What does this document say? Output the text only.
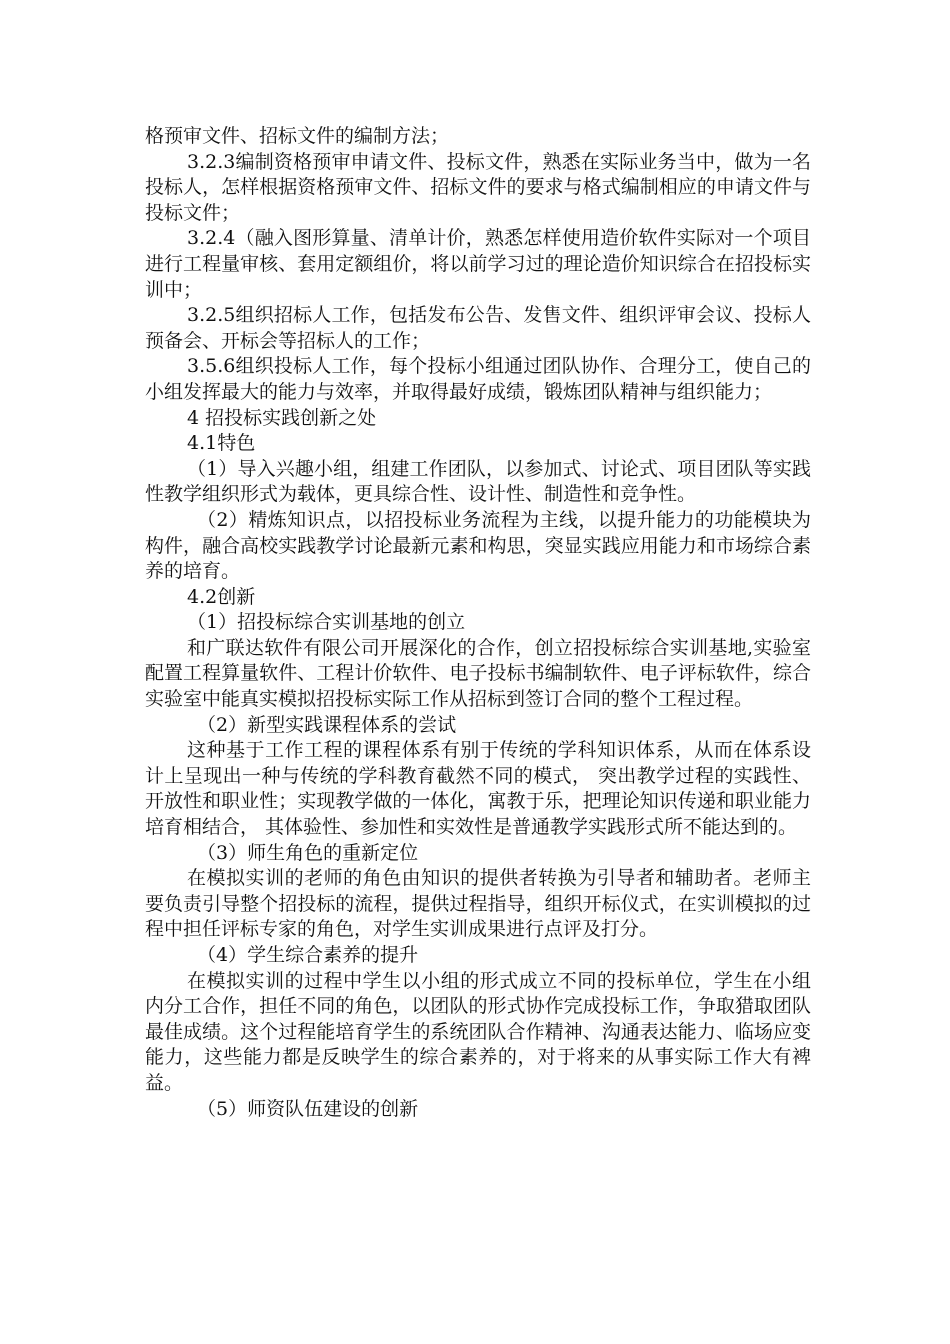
格预审文件、招标文件的编制方法；

3.2.3编制资格预审申请文件、投标文件，熟悉在实际业务当中，做为一名投标人，怎样根据资格预审文件、招标文件的要求与格式编制相应的申请文件与投标文件；

3.2.4（融入图形算量、清单计价，熟悉怎样使用造价软件实际对一个项目进行工程量审核、套用定额组价，将以前学习过的理论造价知识综合在招投标实训中；

3.2.5组织招标人工作，包括发布公告、发售文件、组织评审会议、投标人预备会、开标会等招标人的工作；

3.5.6组织投标人工作，每个投标小组通过团队协作、合理分工，使自己的小组发挥最大的能力与效率，并取得最好成绩，锻炼团队精神与组织能力；

4 招投标实践创新之处

4.1特色

（1）导入兴趣小组，组建工作团队，以参加式、讨论式、项目团队等实践性教学组织形式为载体，更具综合性、设计性、制造性和竞争性。

（2）精炼知识点，以招投标业务流程为主线，以提升能力的功能模块为构件，融合高校实践教学讨论最新元素和构思，突显实践应用能力和市场综合素养的培育。

4.2创新

（1）招投标综合实训基地的创立

和广联达软件有限公司开展深化的合作，创立招投标综合实训基地,实验室配置工程算量软件、工程计价软件、电子投标书编制软件、电子评标软件，综合实验室中能真实模拟招投标实际工作从招标到签订合同的整个工程过程。

（2）新型实践课程体系的尝试

这种基于工作工程的课程体系有别于传统的学科知识体系，从而在体系设计上呈现出一种与传统的学科教育截然不同的模式， 突出教学过程的实践性、开放性和职业性；实现教学做的一体化，寓教于乐，把理论知识传递和职业能力培育相结合， 其体验性、参加性和实效性是普通教学实践形式所不能达到的。

（3）师生角色的重新定位

在模拟实训的老师的角色由知识的提供者转换为引导者和辅助者。老师主要负责引导整个招投标的流程，提供过程指导，组织开标仪式，在实训模拟的过程中担任评标专家的角色，对学生实训成果进行点评及打分。

（4）学生综合素养的提升

在模拟实训的过程中学生以小组的形式成立不同的投标单位，学生在小组内分工合作，担任不同的角色，以团队的形式协作完成投标工作，争取猎取团队最佳成绩。这个过程能培育学生的系统团队合作精神、沟通表达能力、临场应变能力，这些能力都是反映学生的综合素养的，对于将来的从事实际工作大有裨益。

（5）师资队伍建设的创新
